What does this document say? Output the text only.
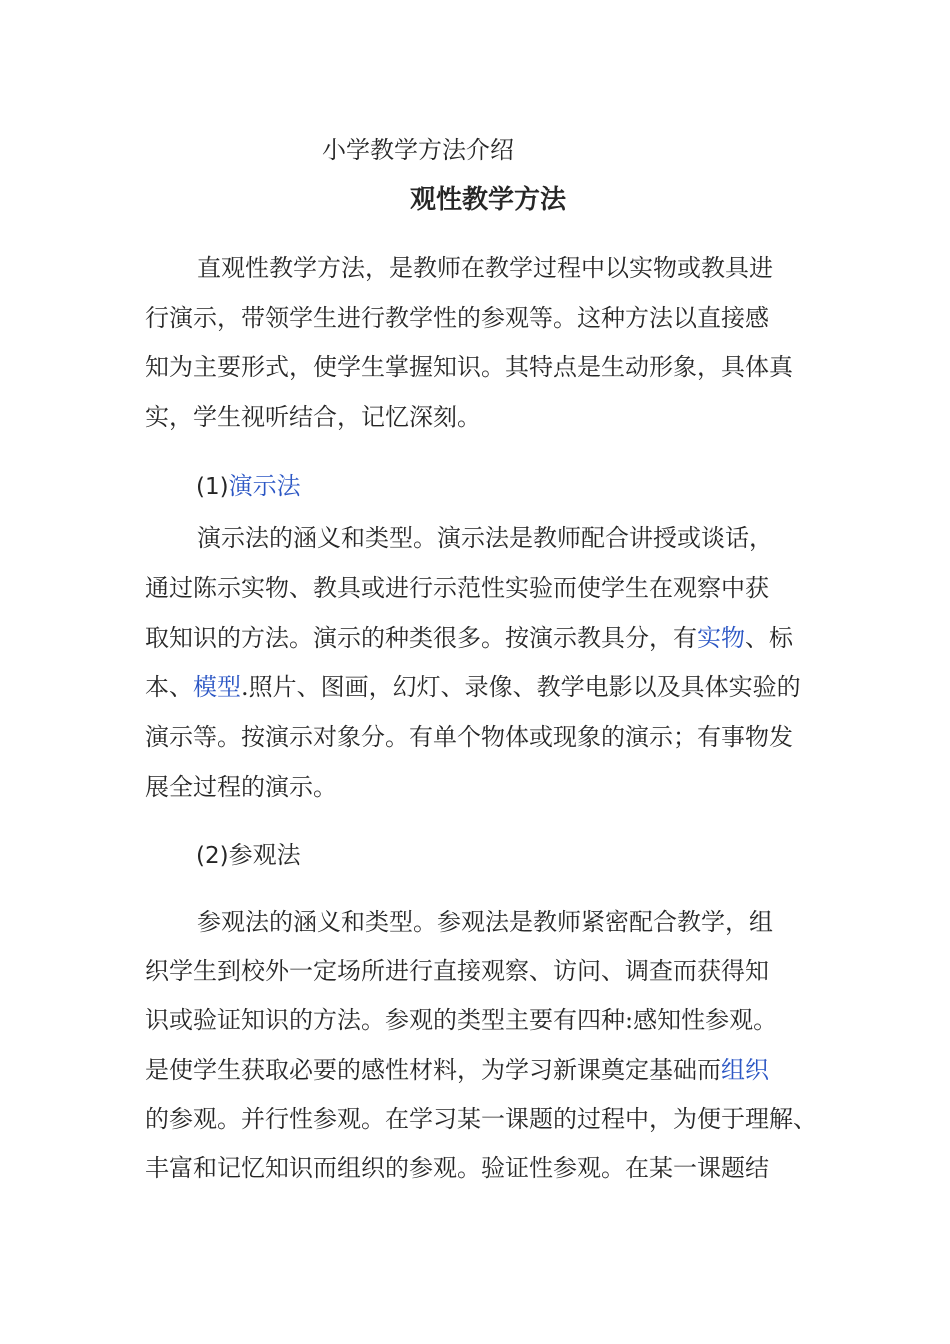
小学教学方法介绍
观性教学方法
直观性教学方法，是教师在教学过程中以实物或教具进
行演示，带领学生进行教学性的参观等。这种方法以直接感
知为主要形式，使学生掌握知识。其特点是生动形象，具体真
实，学生视听结合，记忆深刻。
(1)演示法
演示法的涵义和类型。演示法是教师配合讲授或谈话，
通过陈示实物、教具或进行示范性实验而使学生在观察中获
取知识的方法。演示的种类很多。按演示教具分，有实物、标
本、模型.照片、图画，幻灯、录像、教学电影以及具体实验的
演示等。按演示对象分。有单个物体或现象的演示；有事物发
展全过程的演示。
(2)参观法
参观法的涵义和类型。参观法是教师紧密配合教学，组
织学生到校外一定场所进行直接观察、访问、调查而获得知
识或验证知识的方法。参观的类型主要有四种:感知性参观。
是使学生获取必要的感性材料，为学习新课奠定基础而组织
的参观。并行性参观。在学习某一课题的过程中，为便于理解、
丰富和记忆知识而组织的参观。验证性参观。在某一课题结
